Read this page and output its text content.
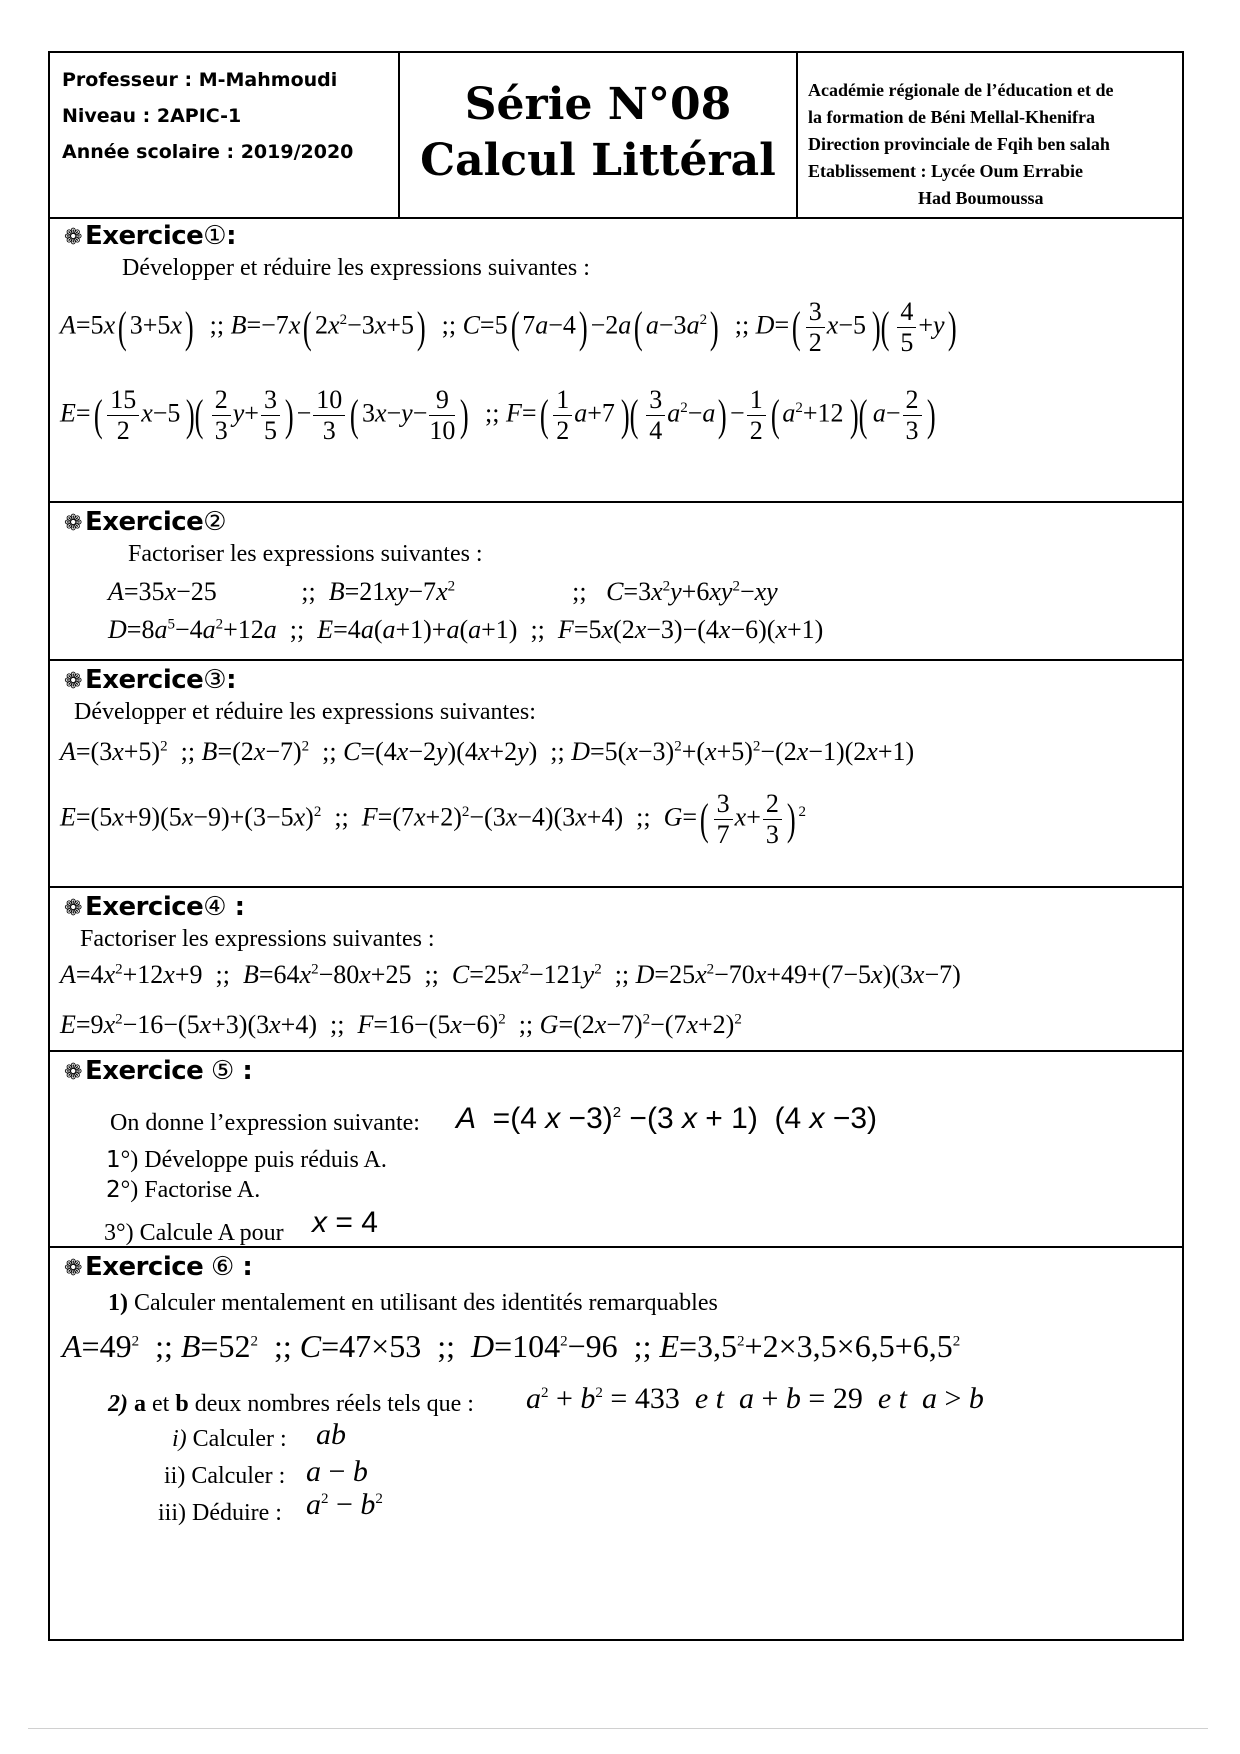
Professeur : M-Mahmoudi
Niveau : 2APIC-1
Année scolaire : 2019/2020
Série N°08
Calcul Littéral
Académie régionale de l’éducation et de
la formation de Béni Mellal-Khenifra
Direction provinciale de Fqih ben salah
Etablissement : Lycée Oum Errabie
Had Boumoussa
❁ Exercice①:
Développer et réduire les expressions suivantes :
A=5x( 3+5x)  ;; B=−7x( $2x^2-3x+5$)  ;; C=5( 7a−4) −2a( $a-3a^2$)  ;; $D=( \frac{3}{2} x-5$ )( $\frac{4}{5} +y$)
$E=( \frac{15}{2} x-5$ )( $\frac{2}{3} y+ \frac{3}{5}$ ) − $\frac{10}{3}$ ( $3x-y- \frac{9}{10}$ )  ;; $F=( \frac{1}{2} a+7$ )( $\frac{3}{4} a^2-a) - \frac{1}{2}$ ( $a^2+12$ )( $a- \frac{2}{3}$ )
❁ Exercice②
Factoriser les expressions suivantes :
A=35x−25             ;;  $B=21xy-7x^2$                  ;;   $C=3x^2y+6xy^2-xy$
$D=8a^5-4a^2+12a$  ;;  E=4a(a+1)+a(a+1)  ;;  F=5x(2x−3)−(4x−6)(x+1)
❁ Exercice③:
Développer et réduire les expressions suivantes:
$A=(3x+5)^2$  ;; $B=(2x-7)^2$  ;; C=(4x−2y)(4x+2y)  ;; $D=5(x-3)^2+(x+5)^2-(2x-1)(2x+1)$
$E=(5x+9)(5x-9)+(3-5x)^2$  ;;  $F=(7x+2)^2-(3x-4)(3x+4)$  ;;  $G=( \frac{3}{7} x+ \frac{2}{3}$ ) $^2$
❁ Exercice④ :
Factoriser les expressions suivantes :
$A=4x^2+12x+9$  ;;  $B=64x^2-80x+25$  ;;  $C=25x^2-121y^2$  ;; $D=25x^2-70x+49+(7-5x)(3x-7)$
$E=9x^2-16-(5x+3)(3x+4)$  ;;  $F=16-(5x-6)^2$  ;; $G=(2x-7)^2-(7x+2)^2$
❁ Exercice ⑤ :
On donne l’expression suivante: A  =(4 x −3)$^2$ −(3 x + 1)  (4 x −3)
1°) Développe puis réduis A.
2°) Factorise A.
3°) Calcule A pour x = 4
❁ Exercice ⑥ :
1) Calculer mentalement en utilisant des identités remarquables
$A=49^2$  ;; $B=52^2$  ;; C=47×53  ;;  $D=104^2-96$  ;; $E=3,5^2+2\times 3,5\times 6,5+6,5^2$
2) a et b deux nombres réels tels que : $a^2 + b^2 = 433$  e t a + b = 29  e t a > b
i) Calculer : ab
ii) Calculer : a − b
iii) Déduire : $a^2 - b^2$
